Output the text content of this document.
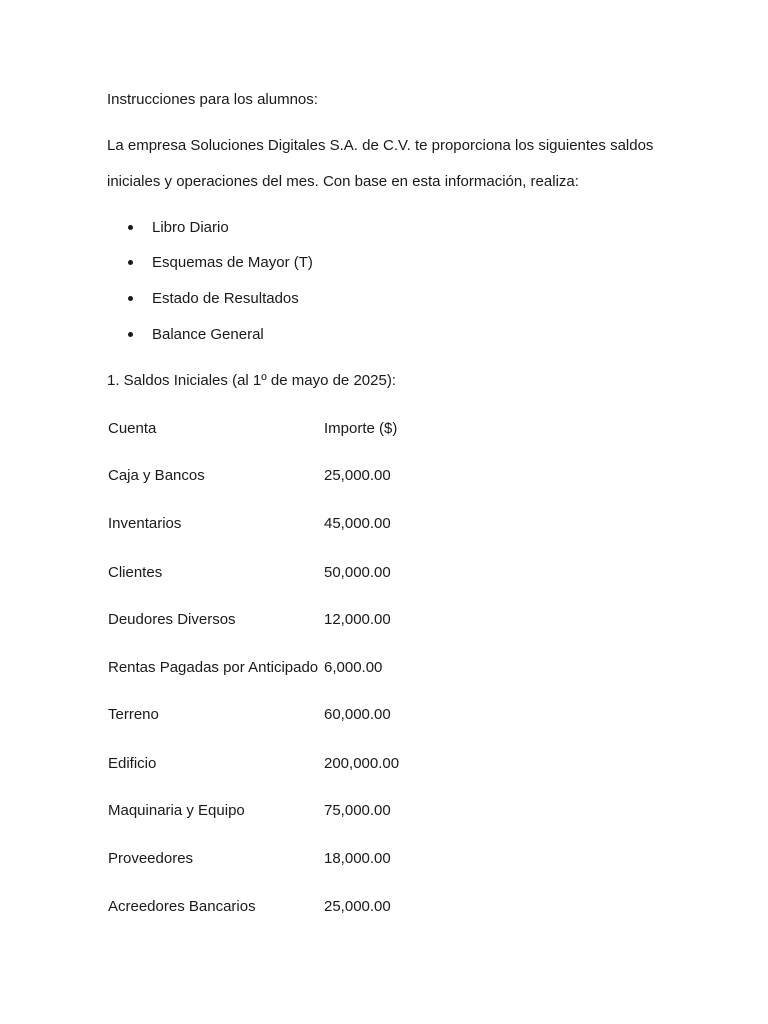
Instrucciones para los alumnos:
La empresa Soluciones Digitales S.A. de C.V. te proporciona los siguientes saldos
iniciales y operaciones del mes. Con base en esta información, realiza:
Libro Diario
Esquemas de Mayor (T)
Estado de Resultados
Balance General
1. Saldos Iniciales (al 1º de mayo de 2025):
Cuenta	Importe ($)
Caja y Bancos	25,000.00
Inventarios	45,000.00
Clientes	50,000.00
Deudores Diversos	12,000.00
Rentas Pagadas por Anticipado 6,000.00
Terreno	60,000.00
Edificio	200,000.00
Maquinaria y Equipo	75,000.00
Proveedores	18,000.00
Acreedores Bancarios	25,000.00
